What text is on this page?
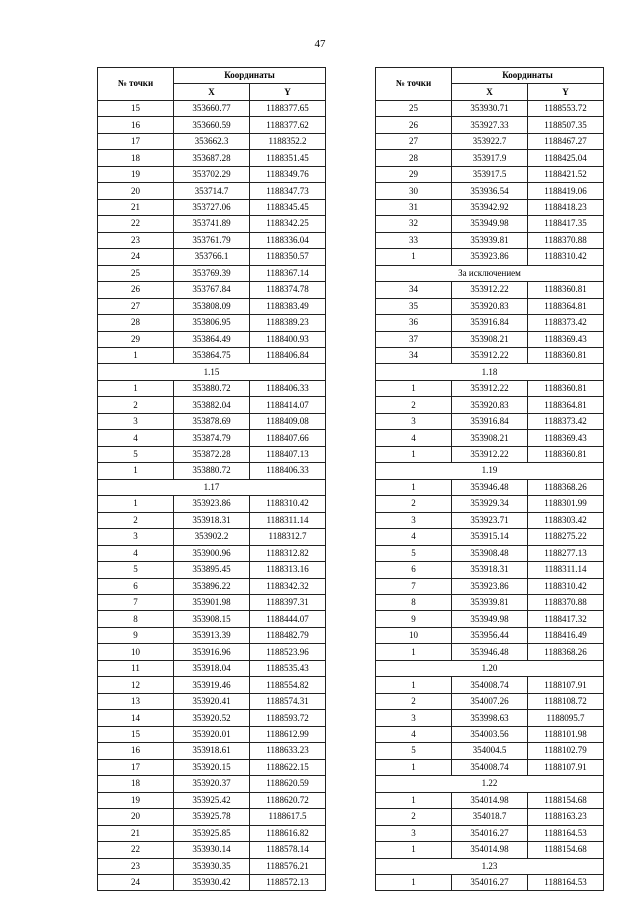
47
№ точки	Координаты	
	X	Y
15	353660.77	1188377.65
16	353660.59	1188377.62
17	353662.3	1188352.2
18	353687.28	1188351.45
19	353702.29	1188349.76
20	353714.7	1188347.73
21	353727.06	1188345.45
22	353741.89	1188342.25
23	353761.79	1188336.04
24	353766.1	1188350.57
25	353769.39	1188367.14
26	353767.84	1188374.78
27	353808.09	1188383.49
28	353806.95	1188389.23
29	353864.49	1188400.93
1	353864.75	1188406.84
1.15		
1	353880.72	1188406.33
2	353882.04	1188414.07
3	353878.69	1188409.08
4	353874.79	1188407.66
5	353872.28	1188407.13
1	353880.72	1188406.33
1.17		
1	353923.86	1188310.42
2	353918.31	1188311.14
3	353902.2	1188312.7
4	353900.96	1188312.82
5	353895.45	1188313.16
6	353896.22	1188342.32
7	353901.98	1188397.31
8	353908.15	1188444.07
9	353913.39	1188482.79
10	353916.96	1188523.96
11	353918.04	1188535.43
12	353919.46	1188554.82
13	353920.41	1188574.31
14	353920.52	1188593.72
15	353920.01	1188612.99
16	353918.61	1188633.23
17	353920.15	1188622.15
18	353920.37	1188620.59
19	353925.42	1188620.72
20	353925.78	1188617.5
21	353925.85	1188616.82
22	353930.14	1188578.14
23	353930.35	1188576.21
24	353930.42	1188572.13
№ точки	Координаты	
	X	Y
25	353930.71	1188553.72
26	353927.33	1188507.35
27	353922.7	1188467.27
28	353917.9	1188425.04
29	353917.5	1188421.52
30	353936.54	1188419.06
31	353942.92	1188418.23
32	353949.98	1188417.35
33	353939.81	1188370.88
1	353923.86	1188310.42
За исключением		
34	353912.22	1188360.81
35	353920.83	1188364.81
36	353916.84	1188373.42
37	353908.21	1188369.43
34	353912.22	1188360.81
1.18		
1	353912.22	1188360.81
2	353920.83	1188364.81
3	353916.84	1188373.42
4	353908.21	1188369.43
1	353912.22	1188360.81
1.19		
1	353946.48	1188368.26
2	353929.34	1188301.99
3	353923.71	1188303.42
4	353915.14	1188275.22
5	353908.48	1188277.13
6	353918.31	1188311.14
7	353923.86	1188310.42
8	353939.81	1188370.88
9	353949.98	1188417.32
10	353956.44	1188416.49
1	353946.48	1188368.26
1.20		
1	354008.74	1188107.91
2	354007.26	1188108.72
3	353998.63	1188095.7
4	354003.56	1188101.98
5	354004.5	1188102.79
1	354008.74	1188107.91
1.22		
1	354014.98	1188154.68
2	354018.7	1188163.23
3	354016.27	1188164.53
1	354014.98	1188154.68
1.23		
1	354016.27	1188164.53
